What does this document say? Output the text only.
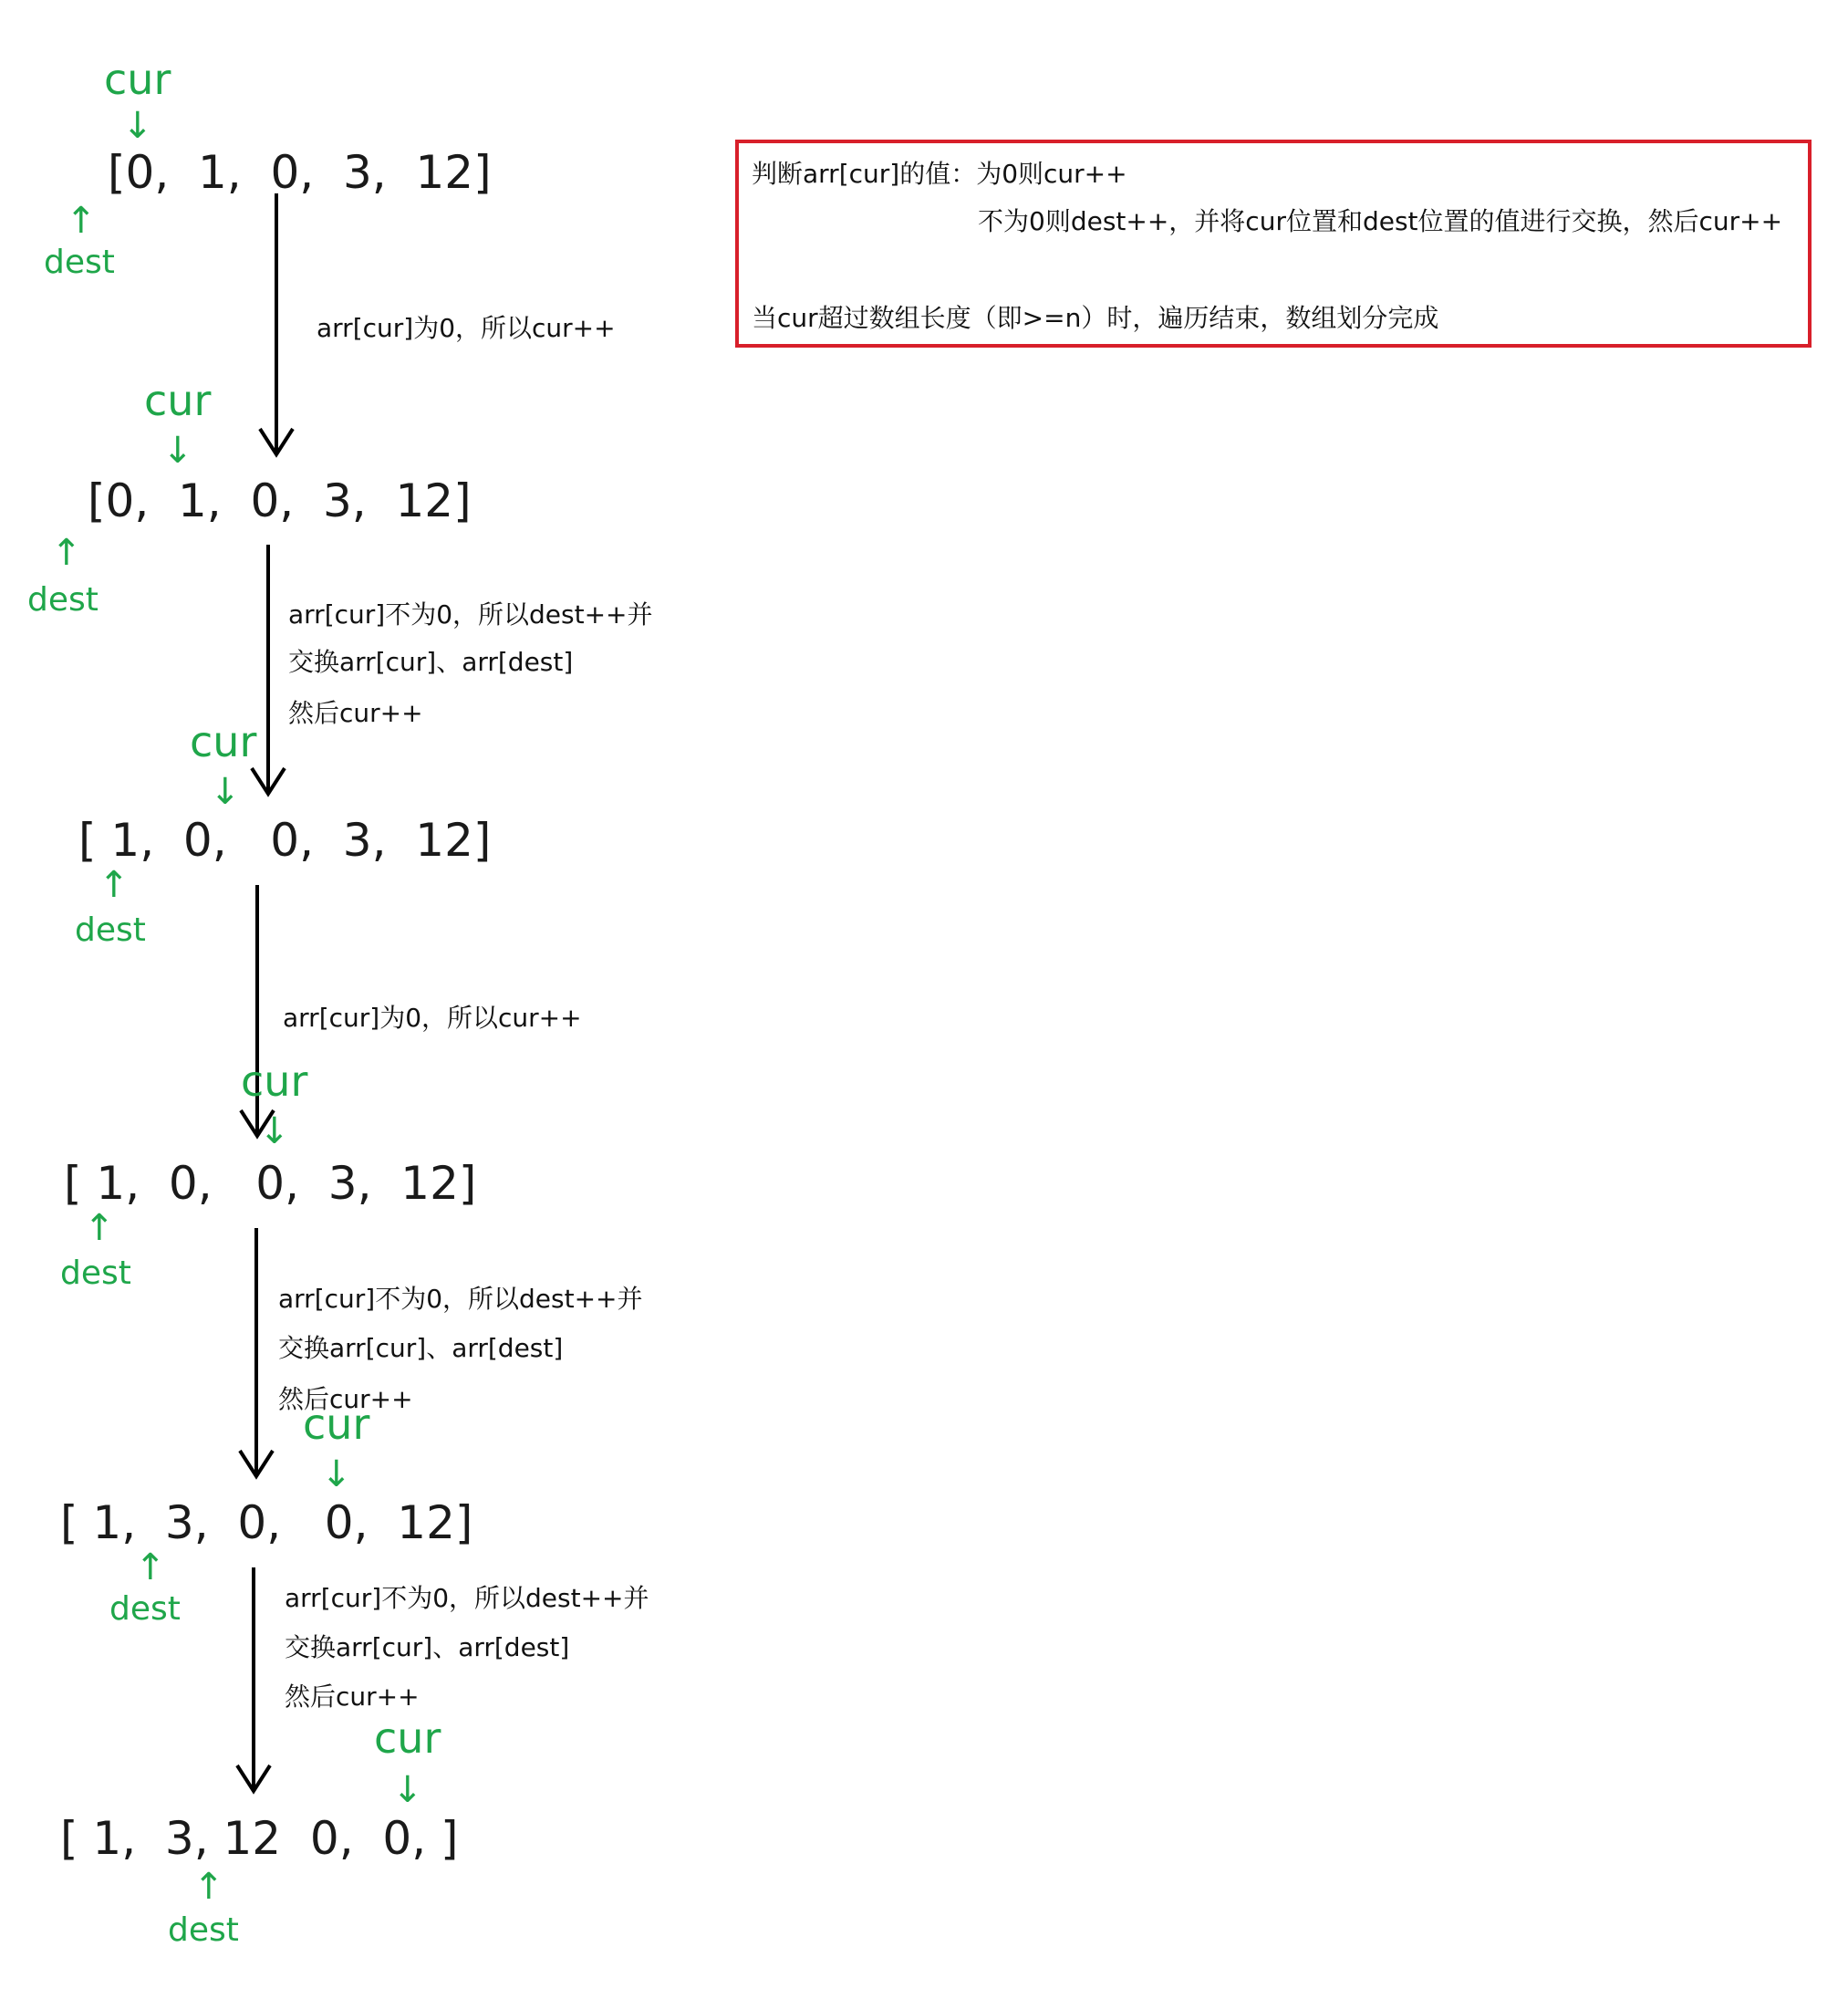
cur
↓
[0,  1,  0,  3,  12]
↑
dest
arr[cur]为0，所以cur++
cur
↓
[0,  1,  0,  3,  12]
↑
dest	arr[cur]不为0，所以dest++并
交换arr[cur]、arr[dest]
然后cur++
cur
↓
[ 1,  0,   0,  3,  12]
↑
dest
arr[cur]为0，所以cur++
cur
↓
[ 1,  0,   0,  3,  12]
↑
dest
arr[cur]不为0，所以dest++并
交换arr[cur]、arr[dest]
然后cur++
cur
↓
[ 1,  3,  0,   0,  12]
↑
dest	arr[cur]不为0，所以dest++并
交换arr[cur]、arr[dest]
然后cur++
cur
↓
[ 1,  3, 12  0,  0, ]
↑
dest
判断arr[cur]的值：为0则cur++
不为0则dest++，并将cur位置和dest位置的值进行交换，然后cur++
当cur超过数组长度（即>=n）时，遍历结束，数组划分完成
